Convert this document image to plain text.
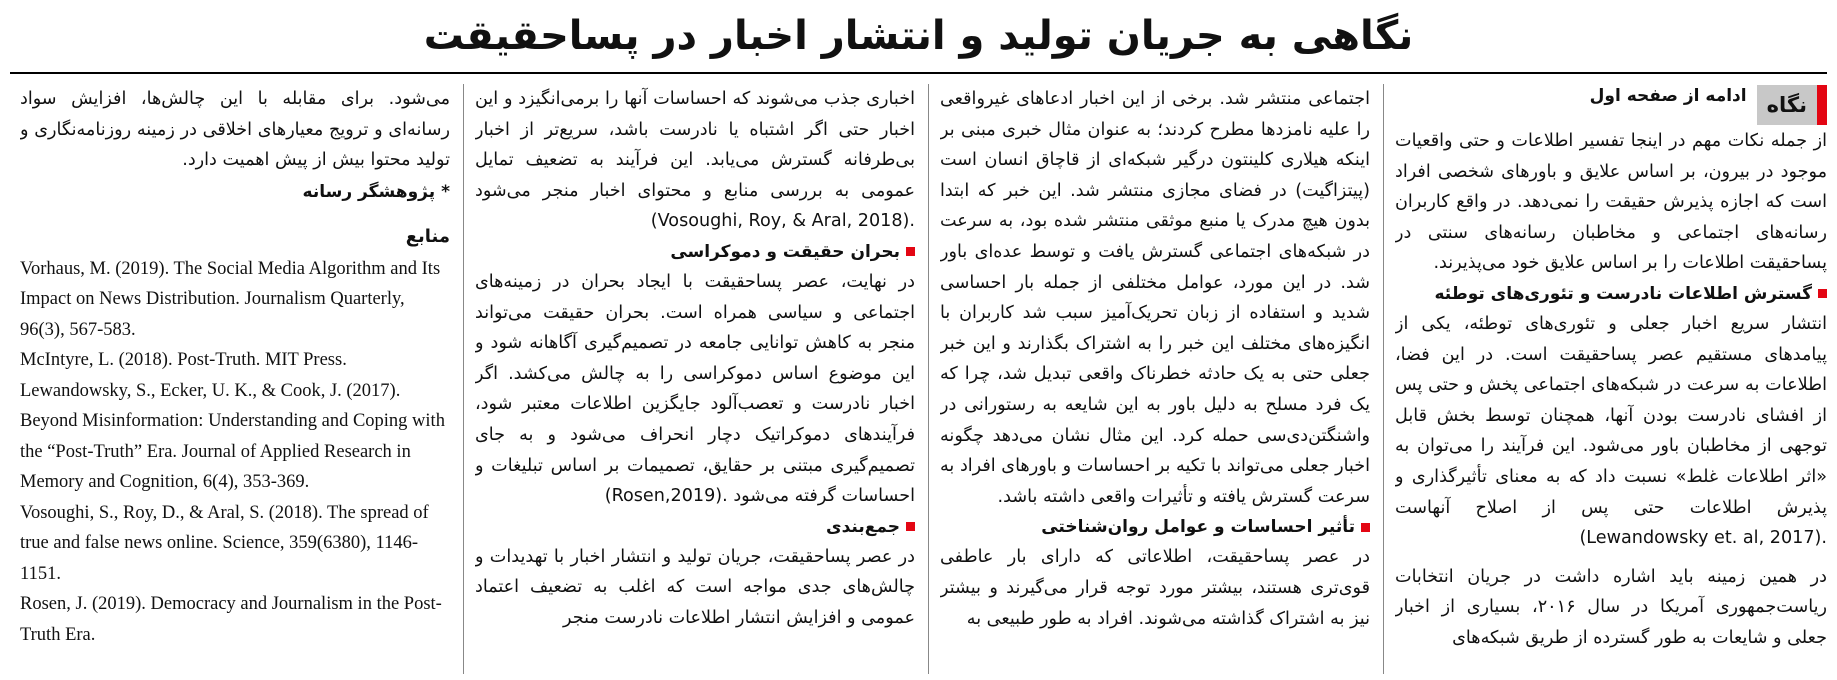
نگاهی به جریان تولید و انتشار اخبار در پساحقیقت
نگاه
ادامه از صفحه اول

از جمله نکات مهم در اینجا تفسیر اطلاعات و حتی واقعیات موجود در بیرون، بر اساس علایق و باورهای شخصی افراد است که اجازه پذیرش حقیقت را نمی‌دهد. در واقع کاربران رسانه‌های اجتماعی و مخاطبان رسانه‌های سنتی در پساحقیقت اطلاعات را بر اساس علایق خود می‌پذیرند.

گسترش اطلاعات نادرست و تئوری‌های توطئه

انتشار سریع اخبار جعلی و تئوری‌های توطئه، یکی از پیامدهای مستقیم عصر پساحقیقت است. در این فضا، اطلاعات به سرعت در شبکه‌های اجتماعی پخش و حتی پس از افشای نادرست بودن آنها، همچنان توسط بخش قابل توجهی از مخاطبان باور می‌شود. این فرآیند را می‌توان به «اثر اطلاعات غلط» نسبت داد که به معنای تأثیرگذاری و پذیرش اطلاعات حتی پس از اصلاح آنهاست (Lewandowsky et. al, 2017).

در همین زمینه باید اشاره داشت در جریان انتخابات ریاست‌جمهوری آمریکا در سال ۲۰۱۶، بسیاری از اخبار جعلی و شایعات به طور گسترده از طریق شبکه‌های

اجتماعی منتشر شد. برخی از این اخبار ادعاهای غیرواقعی را علیه نامزدها مطرح کردند؛ به عنوان مثال خبری مبنی بر اینکه هیلاری کلینتون درگیر شبکه‌ای از قاچاق انسان است (پیتزاگیت) در فضای مجازی منتشر شد. این خبر که ابتدا بدون هیچ مدرک یا منبع موثقی منتشر شده بود، به سرعت در شبکه‌های اجتماعی گسترش یافت و توسط عده‌ای باور شد. در این مورد، عوامل مختلفی از جمله بار احساسی شدید و استفاده از زبان تحریک‌آمیز سبب شد کاربران با انگیزه‌های مختلف این خبر را به اشتراک بگذارند و این خبر جعلی حتی به یک حادثه خطرناک واقعی تبدیل شد، چرا که یک فرد مسلح به دلیل باور به این شایعه به رستورانی در واشنگتن‌دی‌سی حمله کرد. این مثال نشان می‌دهد چگونه اخبار جعلی می‌تواند با تکیه بر احساسات و باورهای افراد به سرعت گسترش یافته و تأثیرات واقعی داشته باشد.

تأثیر احساسات و عوامل روان‌شناختی

در عصر پساحقیقت، اطلاعاتی که دارای بار عاطفی قوی‌تری هستند، بیشتر مورد توجه قرار می‌گیرند و بیشتر نیز به اشتراک گذاشته می‌شوند. افراد به طور طبیعی به

اخباری جذب می‌شوند که احساسات آنها را برمی‌انگیزد و این اخبار حتی اگر اشتباه یا نادرست باشد، سریع‌تر از اخبار بی‌طرفانه گسترش می‌یابد. این فرآیند به تضعیف تمایل عمومی به بررسی منابع و محتوای اخبار منجر می‌شود (Vosoughi, Roy, & Aral, 2018).

بحران حقیقت و دموکراسی

در نهایت، عصر پساحقیقت با ایجاد بحران در زمینه‌های اجتماعی و سیاسی همراه است. بحران حقیقت می‌تواند منجر به کاهش توانایی جامعه در تصمیم‌گیری آگاهانه شود و این موضوع اساس دموکراسی را به چالش می‌کشد. اگر اخبار نادرست و تعصب‌آلود جایگزین اطلاعات معتبر شود، فرآیندهای دموکراتیک دچار انحراف می‌شود و به جای تصمیم‌گیری مبتنی بر حقایق، تصمیمات بر اساس تبلیغات و احساسات گرفته می‌شود (Rosen,2019).

جمع‌بندی

در عصر پساحقیقت، جریان تولید و انتشار اخبار با تهدیدات و چالش‌های جدی مواجه است که اغلب به تضعیف اعتماد عمومی و افزایش انتشار اطلاعات نادرست منجر

می‌شود. برای مقابله با این چالش‌ها، افزایش سواد رسانه‌ای و ترویج معیارهای اخلاقی در زمینه روزنامه‌نگاری و تولید محتوا بیش از پیش اهمیت دارد.

*پژوهشگر رسانه

منابع

Vorhaus, M. (2019). The Social Media Algorithm and Its Impact on News Distribution. Journalism Quarterly, 96(3), 567-583.

McIntyre, L. (2018). Post-Truth. MIT Press.

Lewandowsky, S., Ecker, U. K., & Cook, J. (2017). Beyond Misinformation: Understanding and Coping with the “Post-Truth” Era. Journal of Applied Research in Memory and Cognition, 6(4), 353-369.

Vosoughi, S., Roy, D., & Aral, S. (2018). The spread of true and false news online. Science, 359(6380), 1146-1151.

Rosen, J. (2019). Democracy and Journalism in the Post-Truth Era.
